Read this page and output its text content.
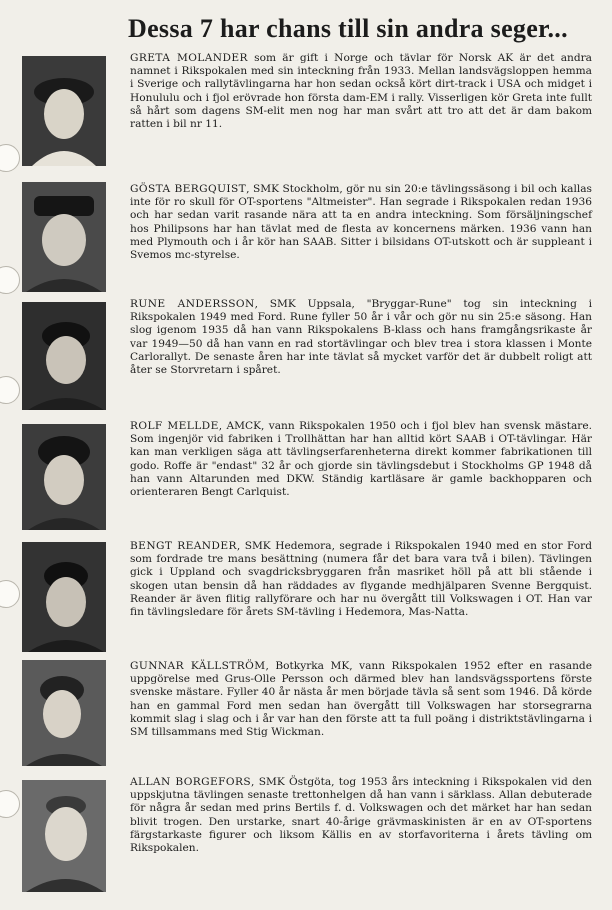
Dessa 7 har chans till sin andra seger...

GRETA MOLANDER som är gift i Norge och tävlar för Norsk AK är det andra namnet i Rikspokalen med sin inteckning från 1933. Mellan landsvägsloppen hemma i Sverige och rallytävlingarna har hon sedan också kört dirt-track i USA och midget i Honululu och i fjol erövrade hon första dam-EM i rally. Visserligen kör Greta inte fullt så hårt som dagens SM-elit men nog har man svårt att tro att det är dam bakom ratten i bil nr 11.

GÖSTA BERGQUIST, SMK Stockholm, gör nu sin 20:e tävlingssäsong i bil och kallas inte för ro skull för OT-sportens "Altmeister". Han segrade i Rikspokalen redan 1936 och har sedan varit rasande nära att ta en andra inteckning. Som försäljningschef hos Philipsons har han tävlat med de flesta av koncernens märken. 1936 vann han med Plymouth och i år kör han SAAB. Sitter i bilsidans OT-utskott och är suppleant i Svemos mc-styrelse.

RUNE ANDERSSON, SMK Uppsala, "Bryggar-Rune" tog sin inteckning i Rikspokalen 1949 med Ford. Rune fyller 50 år i vår och gör nu sin 25:e säsong. Han slog igenom 1935 då han vann Rikspokalens B-klass och hans framgångsrikaste år var 1949—50 då han vann en rad stortävlingar och blev trea i stora klassen i Monte Carlorallyt. De senaste åren har inte tävlat så mycket varför det är dubbelt roligt att åter se Storvretarn i spåret.

ROLF MELLDE, AMCK, vann Rikspokalen 1950 och i fjol blev han svensk mästare. Som ingenjör vid fabriken i Trollhättan har han alltid kört SAAB i OT-tävlingar. Här kan man verkligen säga att tävlingserfarenheterna direkt kommer fabrikationen till godo. Roffe är "endast" 32 år och gjorde sin tävlingsdebut i Stockholms GP 1948 då han vann Altarunden med DKW. Ständig kartläsare är gamle backhopparen och orienteraren Bengt Carlquist.

BENGT REANDER, SMK Hedemora, segrade i Rikspokalen 1940 med en stor Ford som fordrade tre mans besättning (numera får det bara vara två i bilen). Tävlingen gick i Uppland och svagdricksbryggaren från masriket höll på att bli stående i skogen utan bensin då han räddades av flygande medhjälparen Svenne Bergquist. Reander är även flitig rallyförare och har nu övergått till Volkswagen i OT. Han var fin tävlingsledare för årets SM-tävling i Hedemora, Mas-Natta.

GUNNAR KÄLLSTRÖM, Botkyrka MK, vann Rikspokalen 1952 efter en rasande uppgörelse med Grus-Olle Persson och därmed blev han landsvägssportens förste svenske mästare. Fyller 40 år nästa år men började tävla så sent som 1946. Då körde han en gammal Ford men sedan han övergått till Volkswagen har storsegrarna kommit slag i slag och i år var han den förste att ta full poäng i distriktstävlingarna i SM tillsammans med Stig Wickman.

ALLAN BORGEFORS, SMK Östgöta, tog 1953 års inteckning i Rikspokalen vid den uppskjutna tävlingen senaste trettonhelgen då han vann i särklass. Allan debuterade för några år sedan med prins Bertils f. d. Volkswagen och det märket har han sedan blivit trogen. Den urstarke, snart 40-årige grävmaskinisten är en av OT-sportens färgstarkaste figurer och liksom Källis en av storfavoriterna i årets tävling om Rikspokalen.
